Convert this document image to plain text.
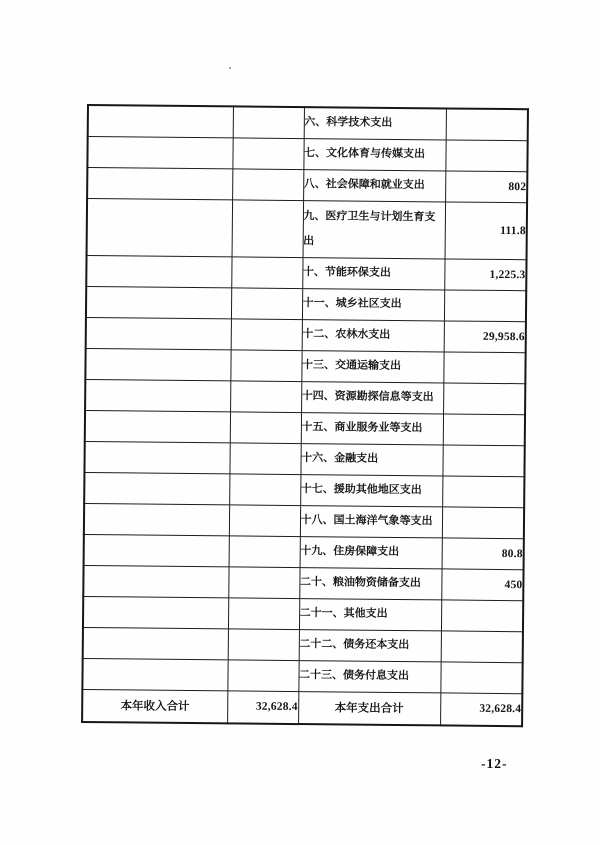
		六、科学技术支出	
		七、文化体育与传媒支出	
		八、社会保障和就业支出	802
		九、医疗卫生与计划生育支出	111.8
		十、节能环保支出	1,225.3
		十一、城乡社区支出	
		十二、农林水支出	29,958.6
		十三、交通运输支出	
		十四、资源勘探信息等支出	
		十五、商业服务业等支出	
		十六、金融支出	
		十七、援助其他地区支出	
		十八、国土海洋气象等支出	
		十九、住房保障支出	80.8
		二十、粮油物资储备支出	450
		二十一、其他支出	
		二十二、债务还本支出	
		二十三、债务付息支出	
本年收入合计	32,628.4	本年支出合计	32,628.4
-12-
